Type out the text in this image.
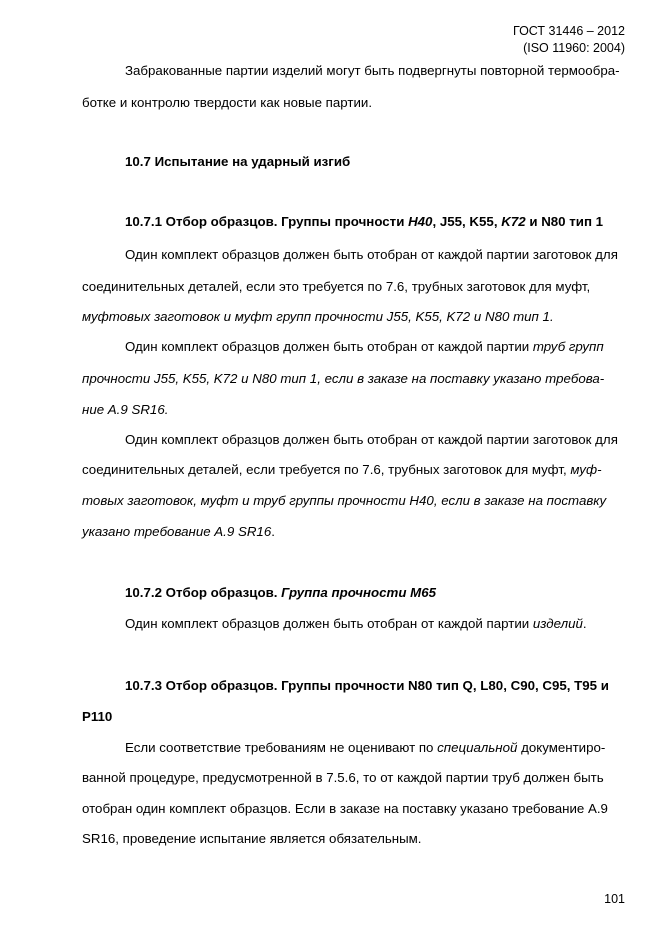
ГОСТ 31446 – 2012
(ISO 11960: 2004)
Забракованные партии изделий могут быть подвергнуты повторной термообра-
ботке и контролю твердости как новые партии.
10.7 Испытание на ударный изгиб
10.7.1 Отбор образцов. Группы прочности Н40, J55, K55, K72 и N80 тип 1
Один комплект образцов должен быть отобран от каждой партии заготовок для
соединительных деталей, если это требуется по 7.6, трубных заготовок для муфт,
муфтовых заготовок и муфт групп прочности J55, K55, K72 и N80 тип 1.
Один комплект образцов должен быть отобран от каждой партии труб групп
прочности J55, K55, K72 и N80 тип 1, если в заказе на поставку указано требова-
ние А.9 SR16.
Один комплект образцов должен быть отобран от каждой партии заготовок для
соединительных деталей, если требуется по 7.6, трубных заготовок для муфт, муф-
товых заготовок, муфт и труб группы прочности Н40, если в заказе на поставку
указано требование А.9 SR16.
10.7.2 Отбор образцов. Группа прочности М65
Один комплект образцов должен быть отобран от каждой партии изделий.
10.7.3 Отбор образцов. Группы прочности N80 тип Q, L80, C90, C95, T95 и
P110
Если соответствие требованиям не оценивают по специальной документиро-
ванной процедуре, предусмотренной в 7.5.6, то от каждой партии труб должен быть
отобран один комплект образцов. Если в заказе на поставку указано требование А.9
SR16, проведение испытание является обязательным.
101
